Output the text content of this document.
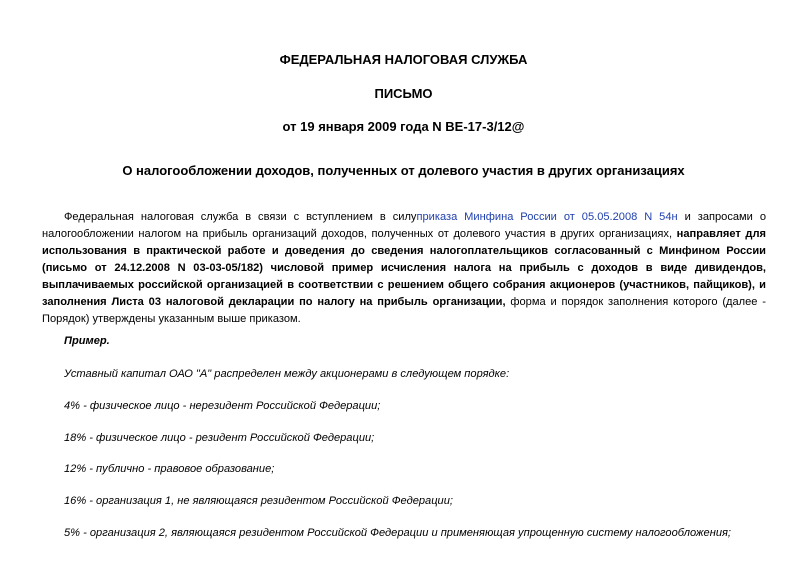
ФЕДЕРАЛЬНАЯ НАЛОГОВАЯ СЛУЖБА
ПИСЬМО
от 19 января 2009 года N ВЕ-17-3/12@
О налогообложении доходов, полученных от долевого участия в других организациях
Федеральная налоговая служба в связи с вступлением в силуприказа Минфина России от 05.05.2008 N 54н и запросами о налогообложении налогом на прибыль организаций доходов, полученных от долевого участия в других организациях, направляет для использования в практической работе и доведения до сведения налогоплательщиков согласованный с Минфином России (письмо от 24.12.2008 N 03-03-05/182) числовой пример исчисления налога на прибыль с доходов в виде дивидендов, выплачиваемых российской организацией в соответствии с решением общего собрания акционеров (участников, пайщиков), и заполнения Листа 03 налоговой декларации по налогу на прибыль организации, форма и порядок заполнения которого (далее - Порядок) утверждены указанным выше приказом.
Пример.
Уставный капитал ОАО "А" распределен между акционерами в следующем порядке:
4% - физическое лицо - нерезидент Российской Федерации;
18% - физическое лицо - резидент Российской Федерации;
12% - публично - правовое образование;
16% - организация 1, не являющаяся резидентом Российской Федерации;
5% - организация 2, являющаяся резидентом Российской Федерации и применяющая упрощенную систему налогообложения;
